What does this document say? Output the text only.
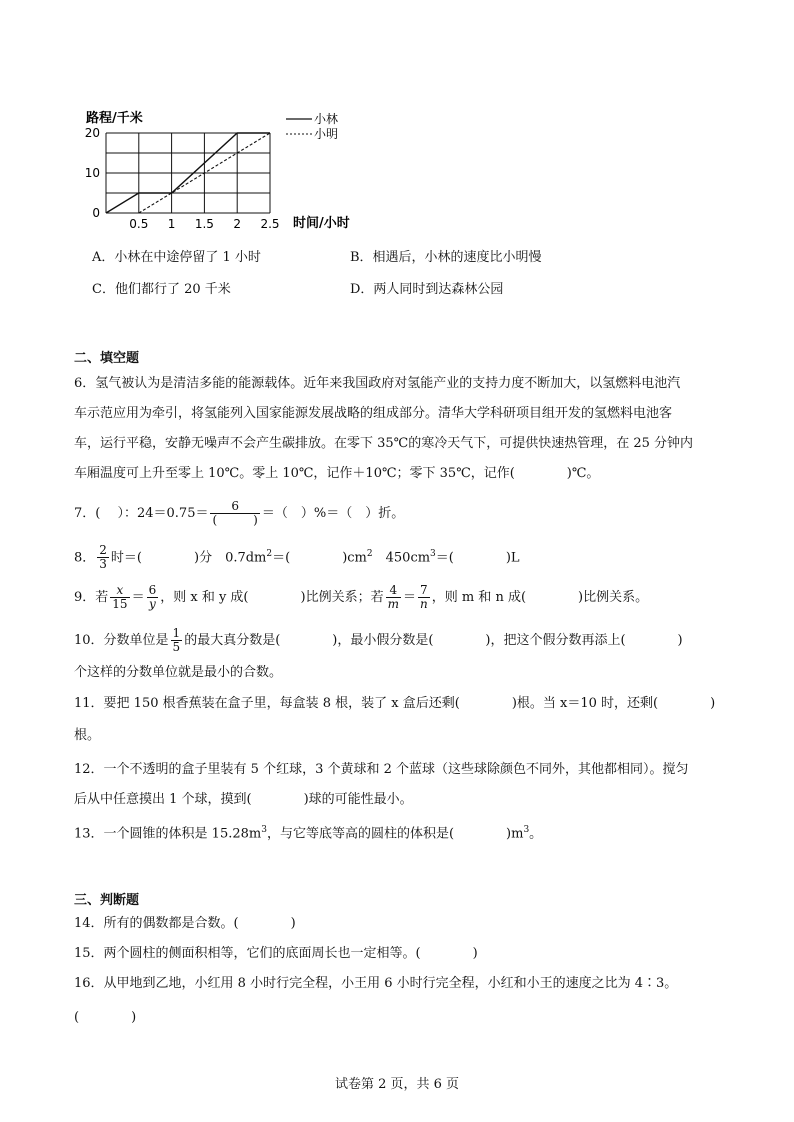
路程/千米
0
10
20
0.5 1 1.5 2 2.5 时间/小时
小林
小明
A．小林在中途停留了 1 小时	B．相遇后，小林的速度比小明慢
C．他们都行了 20 千米	D．两人同时到达森林公园
二、填空题
6．氢气被认为是清洁多能的能源载体。近年来我国政府对氢能产业的支持力度不断加大，以氢燃料电池汽
车示范应用为牵引，将氢能列入国家能源发展战略的组成部分。清华大学科研项目组开发的氢燃料电池客
车，运行平稳，安静无噪声不会产生碳排放。在零下 35℃的寒冷天气下，可提供快速热管理，在 25 分钟内
车厢温度可上升至零上 10℃。零上 10℃，记作＋10℃；零下 35℃，记作(　　　　)℃。
7．(　 ）：$24=0.75= \frac{6}{( )}$ ＝（　）%＝（　）折。
8． $\frac{2}{3}$ 时＝(　　　　)分　$0.7dm^2=$(　　　　)$cm^2$　$450cm^3=$(　　　　)L
9．若 $\frac{x}{15} = \frac{6}{y}$ ，则 x 和 y 成(　　　　)比例关系；若 $\frac{4}{m} = \frac{7}{n}$ ，则 m 和 n 成(　　　　)比例关系。
10．分数单位是 $\frac{1}{5}$ 的最大真分数是(　　　　)，最小假分数是(　　　　)，把这个假分数再添上(　　　　)
个这样的分数单位就是最小的合数。
11．要把 150 根香蕉装在盒子里，每盒装 8 根，装了 x 盒后还剩(　　　　)根。当 x＝10 时，还剩(　　　　)
根。
12．一个不透明的盒子里装有 5 个红球，3 个黄球和 2 个蓝球（这些球除颜色不同外，其他都相同）。搅匀
后从中任意摸出 1 个球，摸到(　　　　)球的可能性最小。
13．一个圆锥的体积是 $15.28m^3$，与它等底等高的圆柱的体积是(　　　　)$m^3$。
三、判断题
14．所有的偶数都是合数。(　　　　)
15．两个圆柱的侧面积相等，它们的底面周长也一定相等。(　　　　)
16．从甲地到乙地，小红用 8 小时行完全程，小王用 6 小时行完全程，小红和小王的速度之比为 4∶3。
(　　　　)
试卷第 2 页，共 6 页
